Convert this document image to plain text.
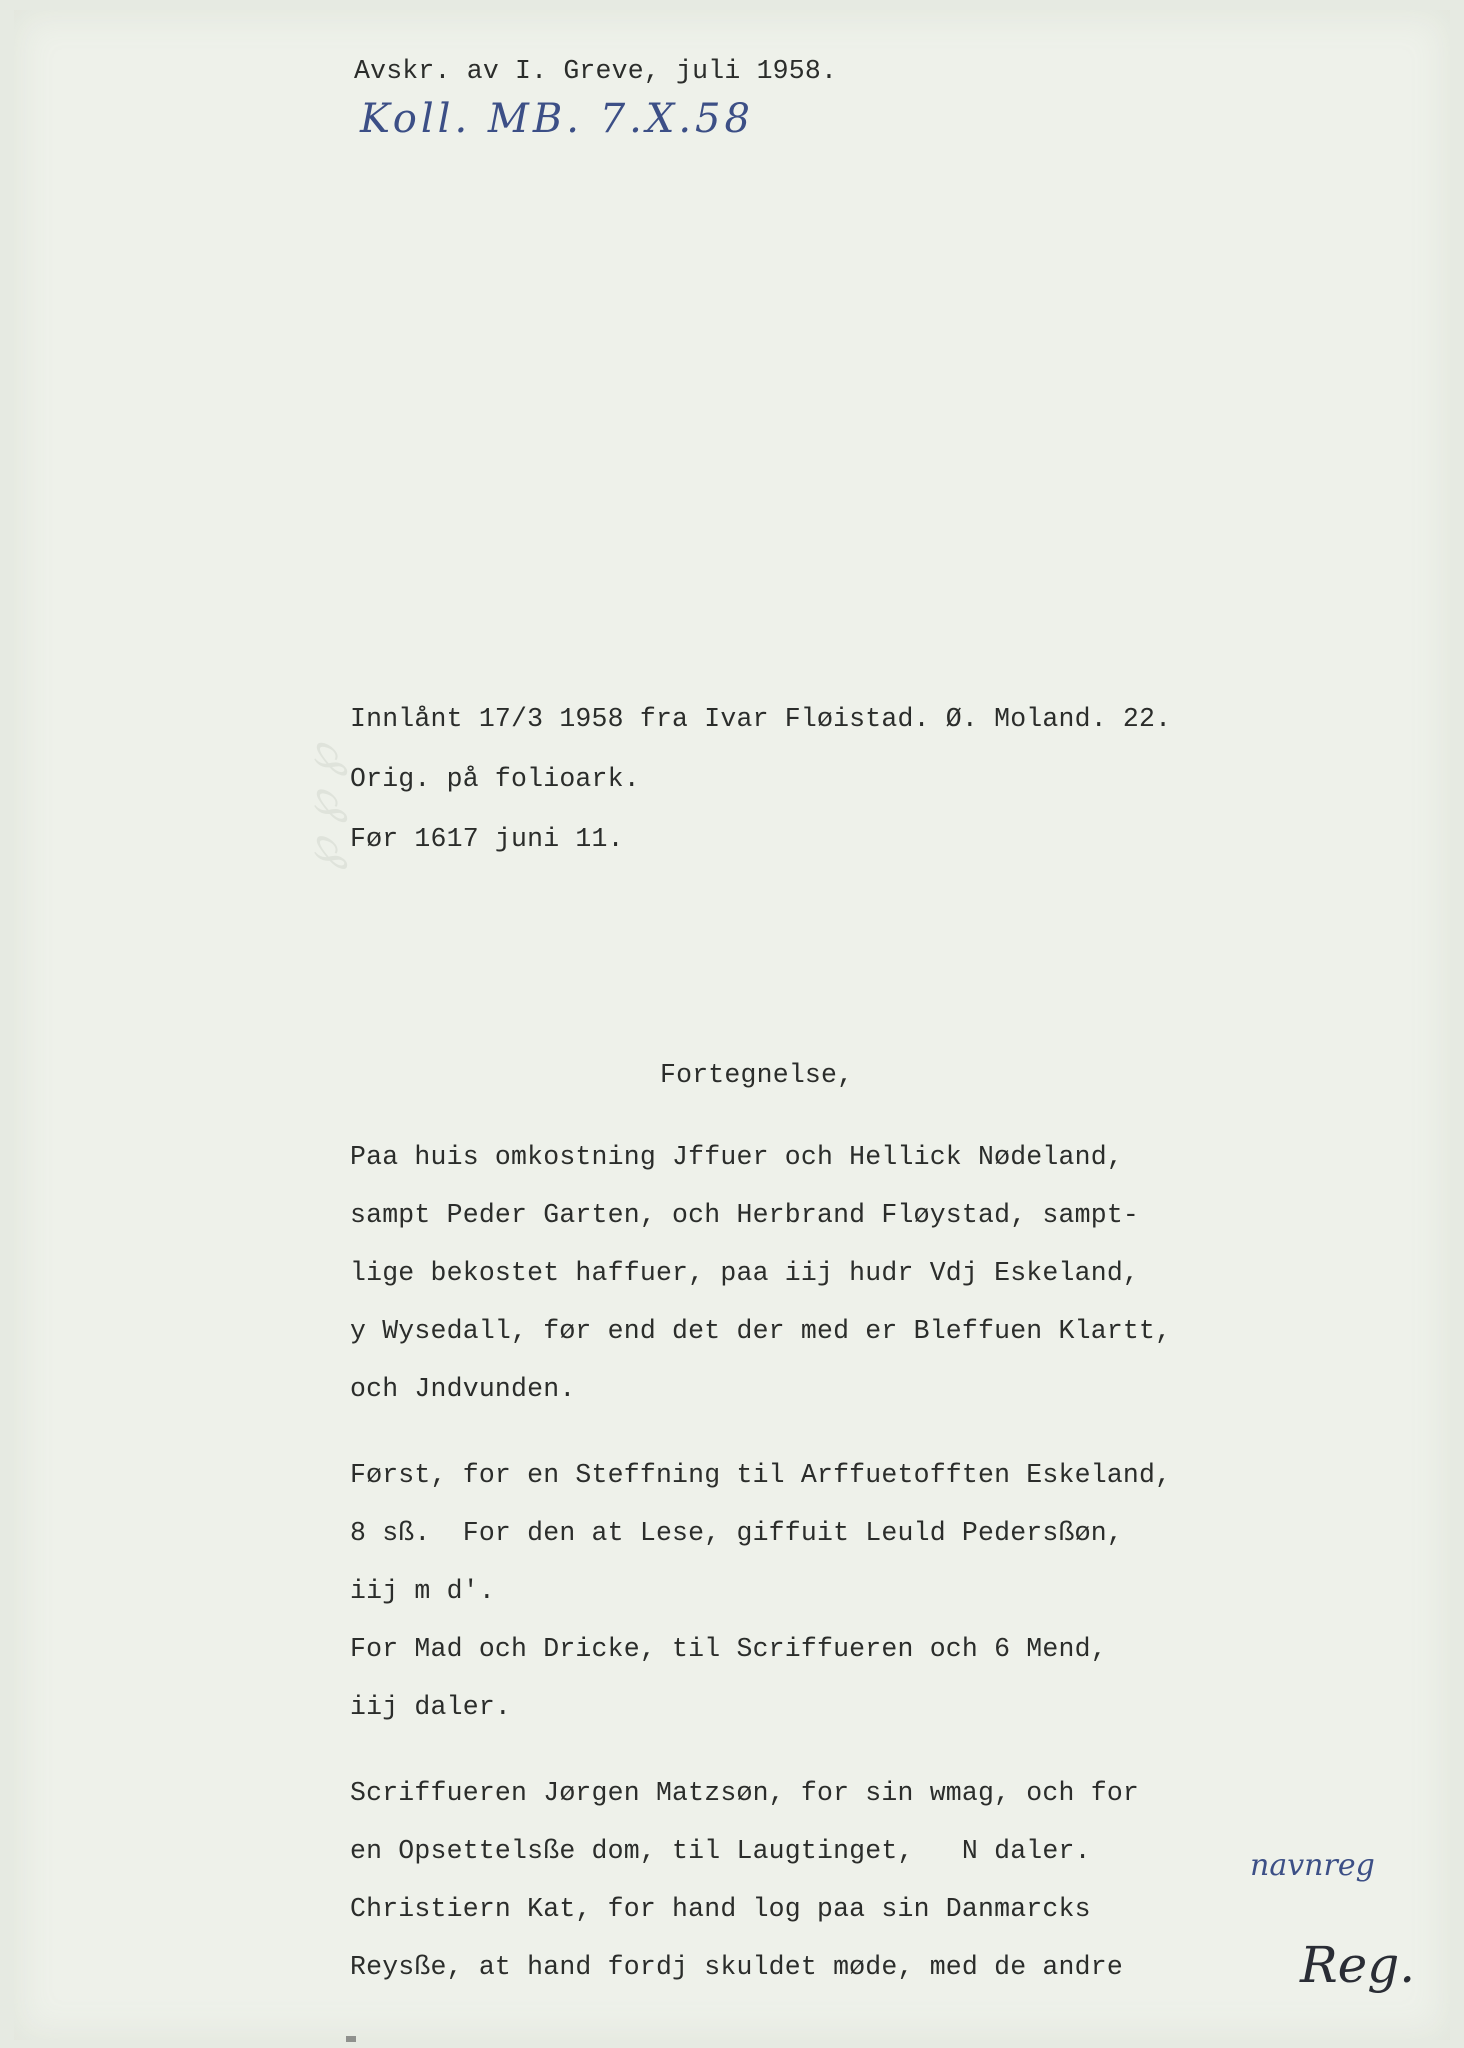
℘ ℘ ℘
Avskr. av I. Greve, juli 1958.
Koll. MB. 7.X.58
Innlånt 17/3 1958 fra Ivar Fløistad. Ø. Moland. 22.
Orig. på folioark.
Før 1617 juni 11.
Fortegnelse,
Paa huis omkostning Jffuer och Hellick Nødeland,
sampt Peder Garten, och Herbrand Fløystad, sampt-
lige bekostet haffuer, paa iij hudr Vdj Eskeland,
y Wysedall, før end det der med er Bleffuen Klartt,
och Jndvunden.
Først, for en Steffning til Arffuetofften Eskeland,
8 sß.  For den at Lese, giffuit Leuld Pedersßøn,
iij m d'.
For Mad och Dricke, til Scriffueren och 6 Mend,
iij daler.
Scriffueren Jørgen Matzsøn, for sin wmag, och for
en Opsettelsße dom, til Laugtinget,   N daler.
Christiern Kat, for hand log paa sin Danmarcks
Reysße, at hand fordj skuldet møde, med de andre
navnreg
Reg.
